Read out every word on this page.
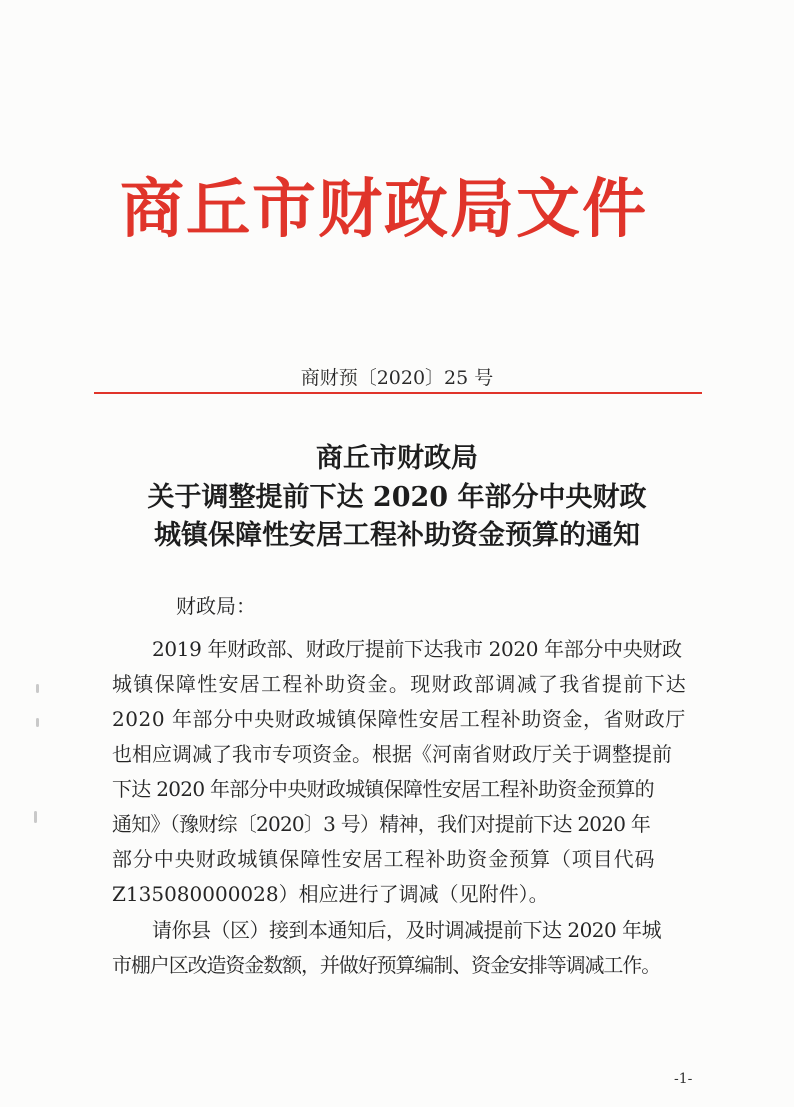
商丘市财政局文件
商财预〔2020〕25 号
商丘市财政局
关于调整提前下达 2020 年部分中央财政
城镇保障性安居工程补助资金预算的通知
财政局：
2019 年财政部、财政厅提前下达我市 2020 年部分中央财政
城镇保障性安居工程补助资金。现财政部调减了我省提前下达
2020 年部分中央财政城镇保障性安居工程补助资金，省财政厅
也相应调减了我市专项资金。根据《河南省财政厅关于调整提前
下达 2020 年部分中央财政城镇保障性安居工程补助资金预算的
通知》（豫财综〔2020〕3 号）精神，我们对提前下达 2020 年
部分中央财政城镇保障性安居工程补助资金预算（项目代码
Z135080000028）相应进行了调减（见附件）。
请你县（区）接到本通知后，及时调减提前下达 2020 年城
市棚户区改造资金数额，并做好预算编制、资金安排等调减工作。
-1-
